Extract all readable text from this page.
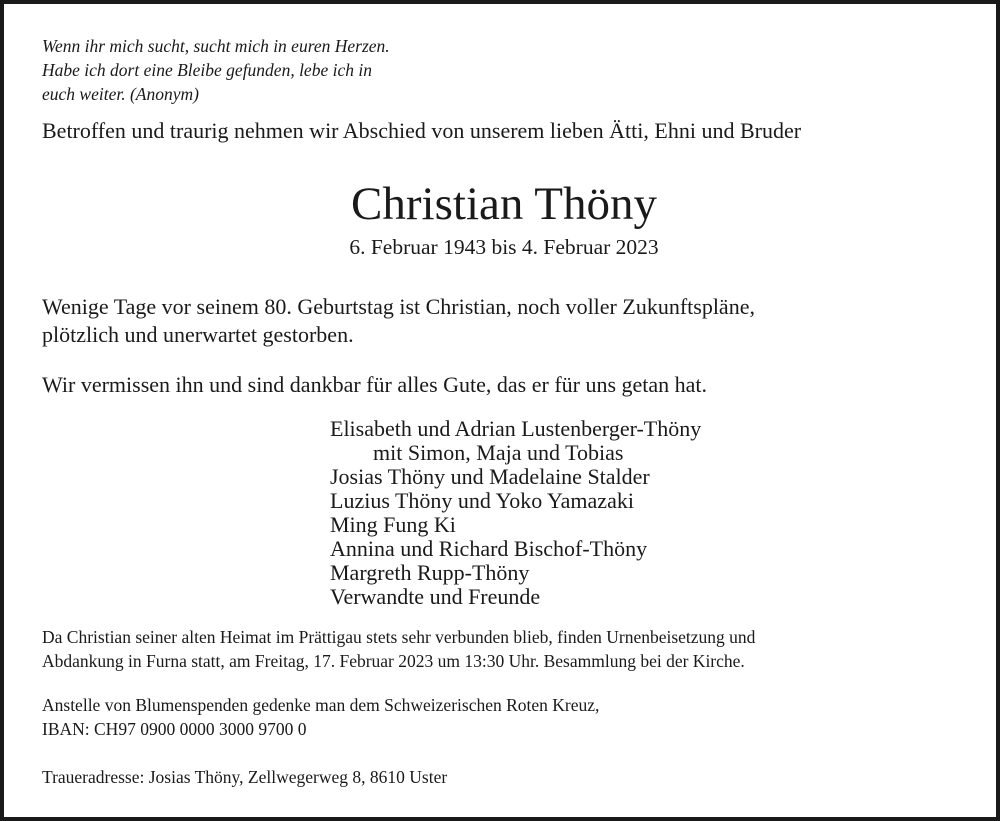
Wenn ihr mich sucht, sucht mich in euren Herzen.
Habe ich dort eine Bleibe gefunden, lebe ich in
euch weiter. (Anonym)
Betroffen und traurig nehmen wir Abschied von unserem lieben Ätti, Ehni und Bruder
Christian Thöny
6. Februar 1943 bis 4. Februar 2023
Wenige Tage vor seinem 80. Geburtstag ist Christian, noch voller Zukunftspläne,
plötzlich und unerwartet gestorben.
Wir vermissen ihn und sind dankbar für alles Gute, das er für uns getan hat.
Elisabeth und Adrian Lustenberger-Thöny
mit Simon, Maja und Tobias
Josias Thöny und Madelaine Stalder
Luzius Thöny und Yoko Yamazaki
Ming Fung Ki
Annina und Richard Bischof-Thöny
Margreth Rupp-Thöny
Verwandte und Freunde
Da Christian seiner alten Heimat im Prättigau stets sehr verbunden blieb, finden Urnenbeisetzung und
Abdankung in Furna statt, am Freitag, 17. Februar 2023 um 13:30 Uhr. Besammlung bei der Kirche.
Anstelle von Blumenspenden gedenke man dem Schweizerischen Roten Kreuz,
IBAN: CH97 0900 0000 3000 9700 0
Traueradresse: Josias Thöny, Zellwegerweg 8, 8610 Uster
